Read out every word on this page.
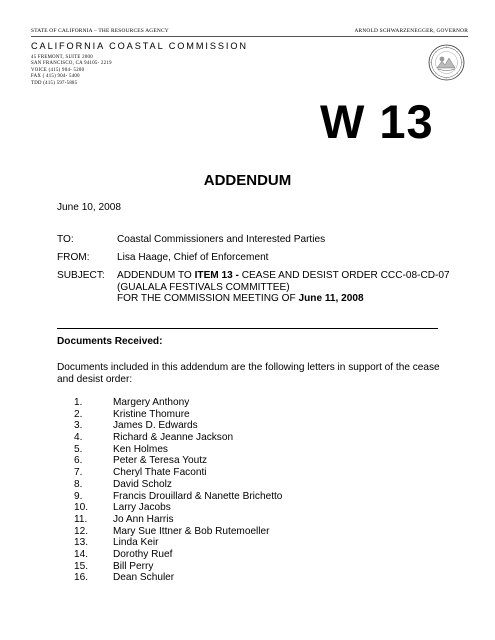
STATE OF CALIFORNIA – THE RESOURCES AGENCY	ARNOLD SCHWARZENEGGER, GOVERNOR
CALIFORNIA COASTAL COMMISSION
45 FREMONT, SUITE 2000
SAN FRANCISCO, CA 94105- 2219
VOICE (415) 904- 5200
FAX ( 415) 904- 5400
TDD (415) 597-5885
W 13
ADDENDUM
June 10, 2008
TO:	Coastal Commissioners and Interested Parties
FROM:	Lisa Haage, Chief of Enforcement
SUBJECT: ADDENDUM TO ITEM 13 - CEASE AND DESIST ORDER CCC-08-CD-07
(GUALALA FESTIVALS COMMITTEE)
FOR THE COMMISSION MEETING OF June 11, 2008
Documents Received:
Documents included in this addendum are the following letters in support of the cease and desist order:
1.	Margery Anthony
2.	Kristine Thomure
3.	James D. Edwards
4.	Richard & Jeanne Jackson
5.	Ken Holmes
6.	Peter & Teresa Youtz
7.	Cheryl Thate Faconti
8.	David Scholz
9.	Francis Drouillard & Nanette Brichetto
10. Larry Jacobs
11.	Jo Ann Harris
12. Mary Sue Ittner & Bob Rutemoeller
13. Linda Keir
14. Dorothy Ruef
15. Bill Perry
16. Dean Schuler
